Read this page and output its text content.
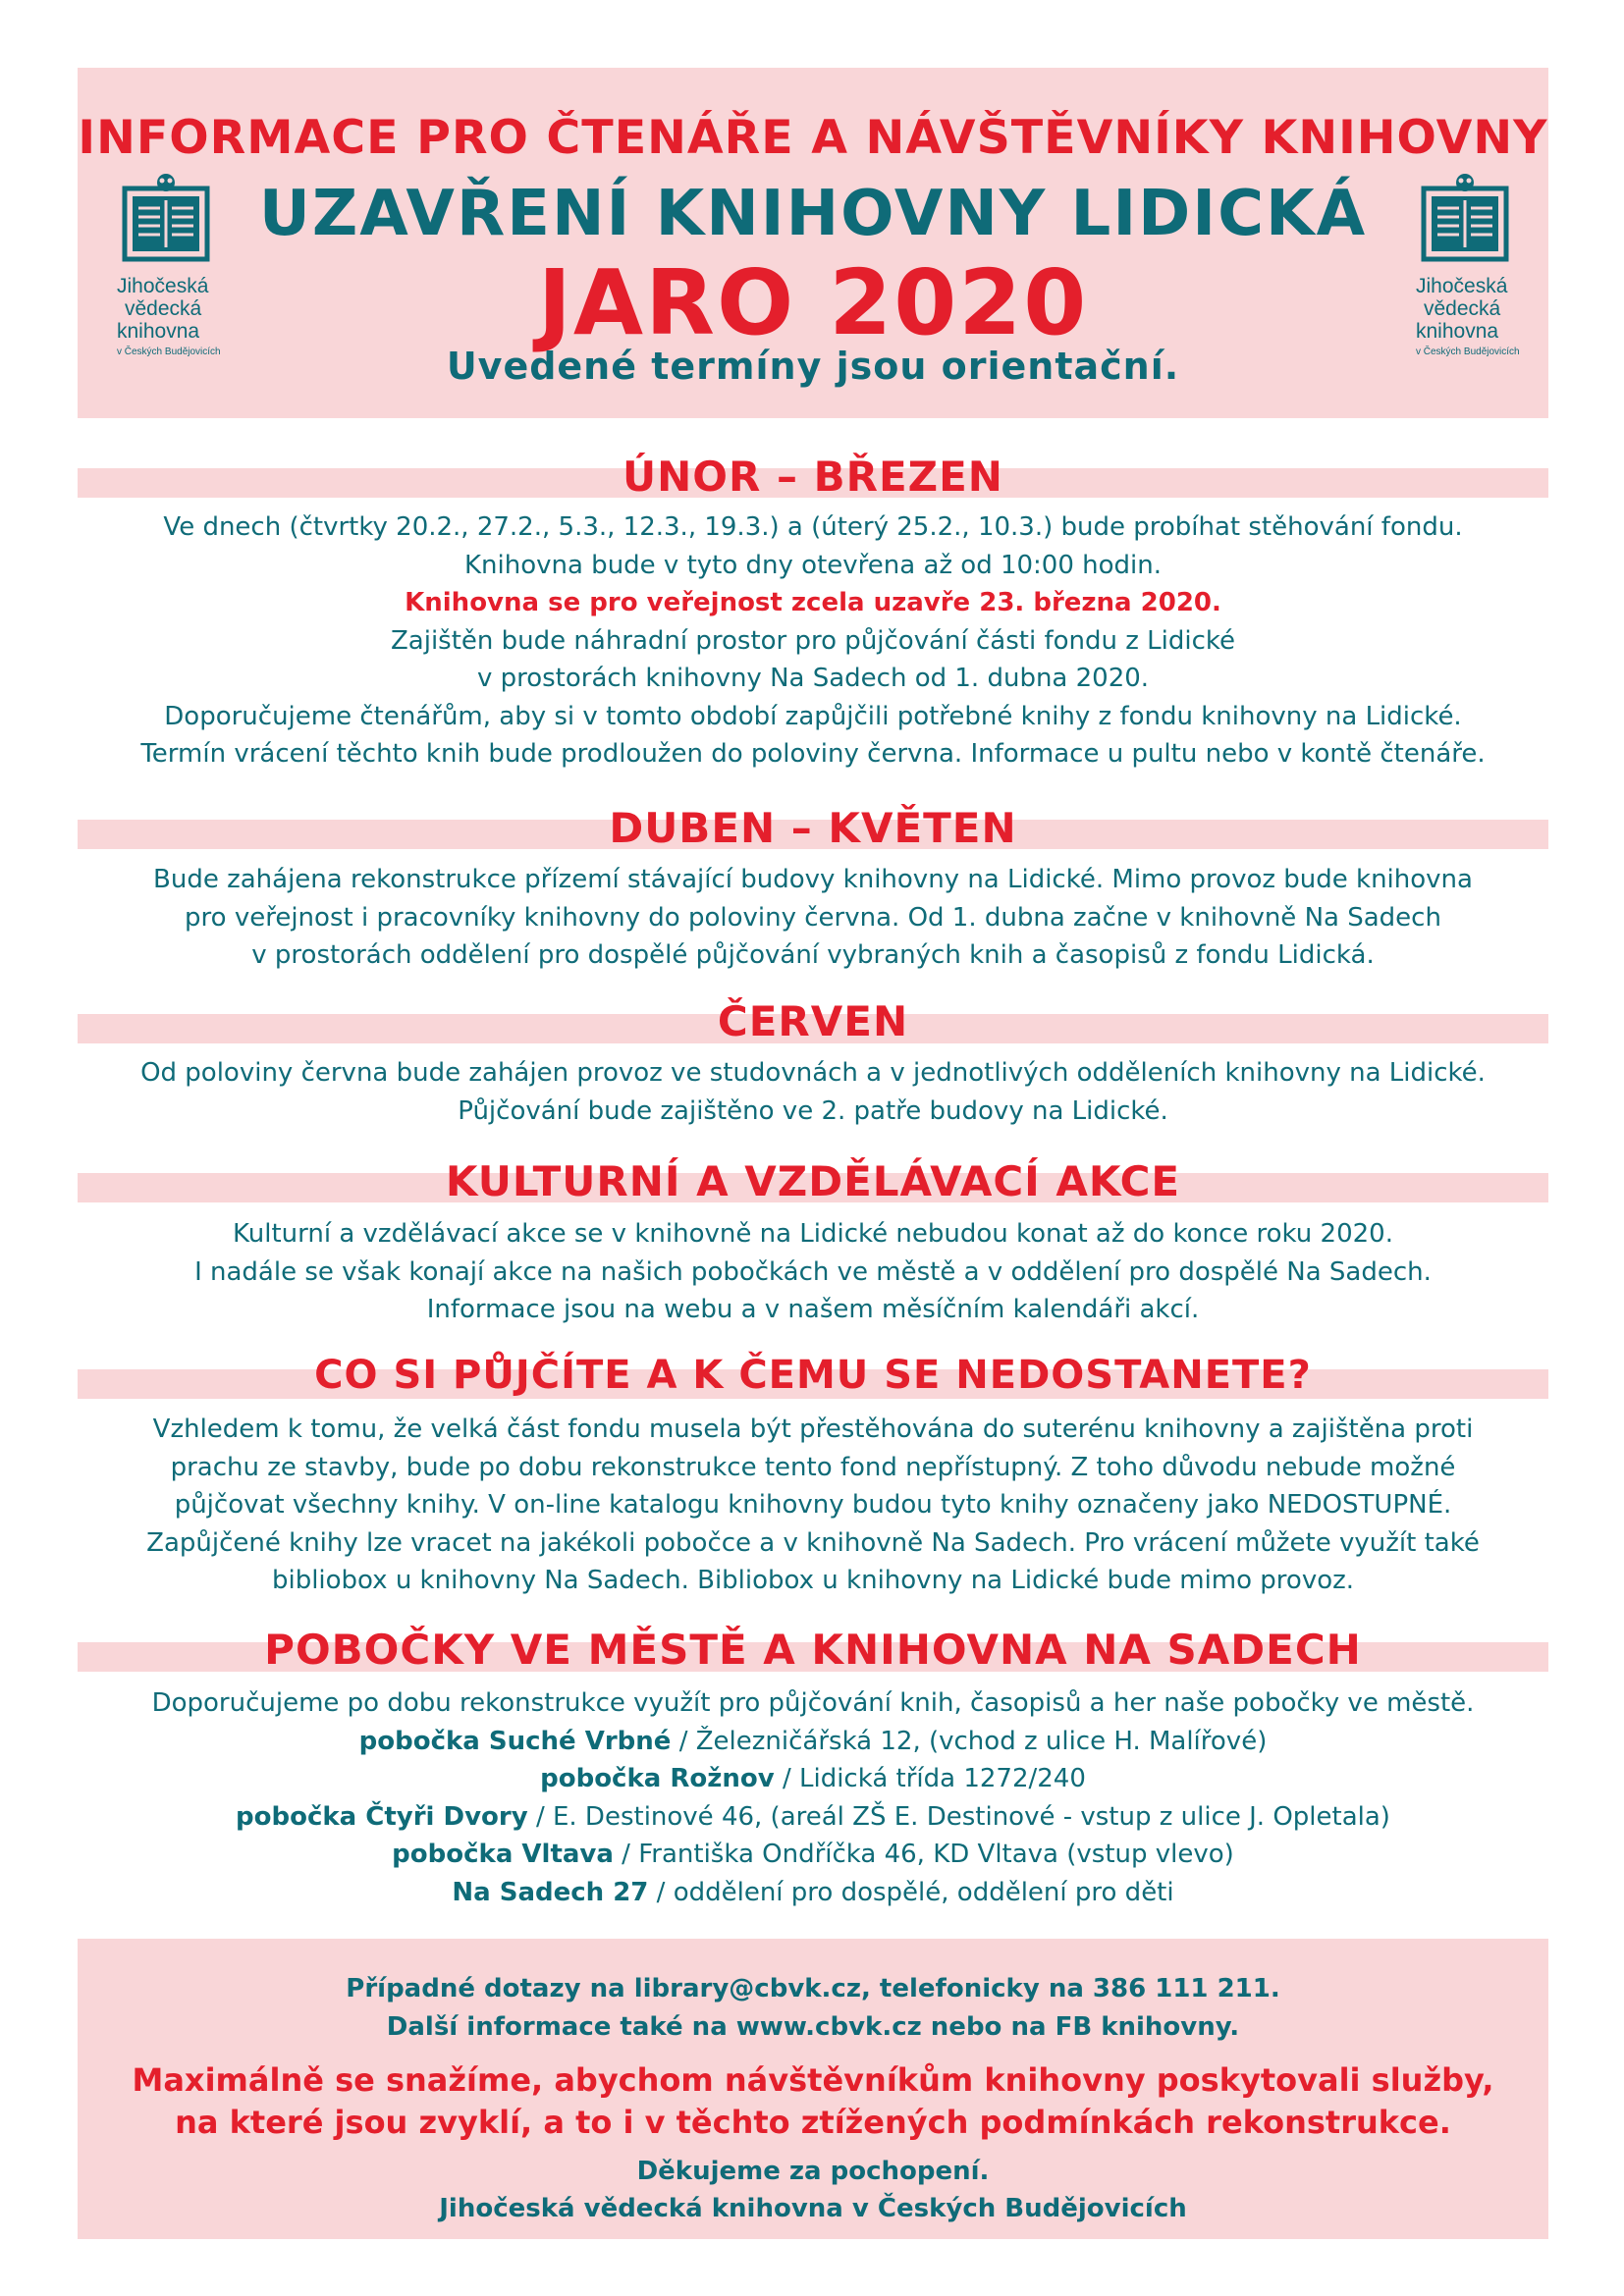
INFORMACE PRO ČTENÁŘE A NÁVŠTĚVNÍKY KNIHOVNY
UZAVŘENÍ KNIHOVNY LIDICKÁ
JARO 2020
Uvedené termíny jsou orientační.
Jihočeská
vědecká
knihovna
v Českých Budějovicích
Jihočeská
vědecká
knihovna
v Českých Budějovicích
ÚNOR – BŘEZEN

Ve dnech (čtvrtky 20.2., 27.2., 5.3., 12.3., 19.3.) a (úterý 25.2., 10.3.) bude probíhat stěhování fondu.

Knihovna bude v tyto dny otevřena až od 10:00 hodin.

Knihovna se pro veřejnost zcela uzavře 23. března 2020.

Zajištěn bude náhradní prostor pro půjčování části fondu z Lidické

v prostorách knihovny Na Sadech od 1. dubna 2020.

Doporučujeme čtenářům, aby si v tomto období zapůjčili potřebné knihy z fondu knihovny na Lidické.

Termín vrácení těchto knih bude prodloužen do poloviny června. Informace u pultu nebo v kontě čtenáře.

DUBEN – KVĚTEN

Bude zahájena rekonstrukce přízemí stávající budovy knihovny na Lidické. Mimo provoz bude knihovna

pro veřejnost i pracovníky knihovny do poloviny června. Od 1. dubna začne v knihovně Na Sadech

v prostorách oddělení pro dospělé půjčování vybraných knih a časopisů z fondu Lidická.

ČERVEN

Od poloviny června bude zahájen provoz ve studovnách a v jednotlivých odděleních knihovny na Lidické.

Půjčování bude zajištěno ve 2. patře budovy na Lidické.

KULTURNÍ A VZDĚLÁVACÍ AKCE

Kulturní a vzdělávací akce se v knihovně na Lidické nebudou konat až do konce roku 2020.

I nadále se však konají akce na našich pobočkách ve městě a v oddělení pro dospělé Na Sadech.

Informace jsou na webu a v našem měsíčním kalendáři akcí.

CO SI PŮJČÍTE A K ČEMU SE NEDOSTANETE?

Vzhledem k tomu, že velká část fondu musela být přestěhována do suterénu knihovny a zajištěna proti

prachu ze stavby, bude po dobu rekonstrukce tento fond nepřístupný. Z toho důvodu nebude možné

půjčovat všechny knihy. V on-line katalogu knihovny budou tyto knihy označeny jako NEDOSTUPNÉ.

Zapůjčené knihy lze vracet na jakékoli pobočce a v knihovně Na Sadech. Pro vrácení můžete využít také

bibliobox u knihovny Na Sadech. Bibliobox u knihovny na Lidické bude mimo provoz.

POBOČKY VE MĚSTĚ A KNIHOVNA NA SADECH

Doporučujeme po dobu rekonstrukce využít pro půjčování knih, časopisů a her naše pobočky ve městě.

pobočka Suché Vrbné / Železničářská 12, (vchod z ulice H. Malířové)

pobočka Rožnov / Lidická třída 1272/240

pobočka Čtyři Dvory / E. Destinové 46, (areál ZŠ E. Destinové - vstup z ulice J. Opletala)

pobočka Vltava / Františka Ondříčka 46, KD Vltava (vstup vlevo)

Na Sadech 27 / oddělení pro dospělé, oddělení pro děti

Případné dotazy na library@cbvk.cz, telefonicky na 386 111 211.
Další informace také na www.cbvk.cz nebo na FB knihovny.
Maximálně se snažíme, abychom návštěvníkům knihovny poskytovali služby,
na které jsou zvyklí, a to i v těchto ztížených podmínkách rekonstrukce.
Děkujeme za pochopení.
Jihočeská vědecká knihovna v Českých Budějovicích
